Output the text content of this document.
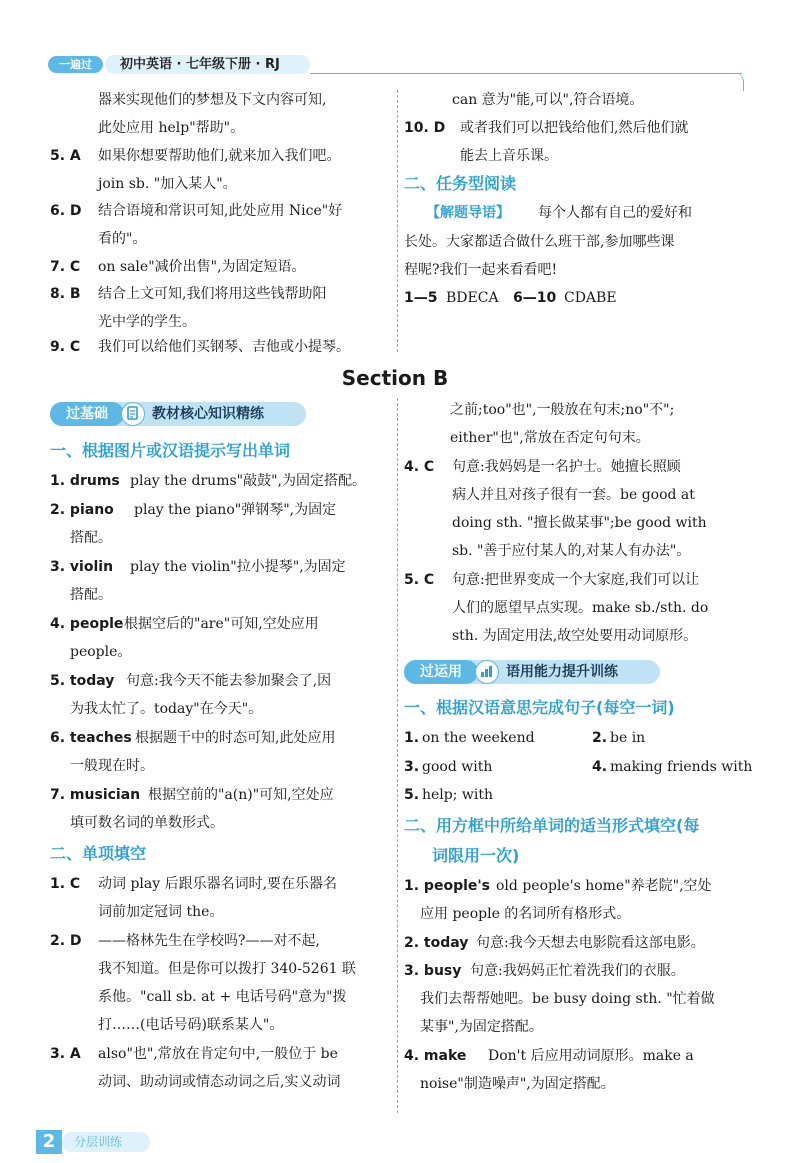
一遍过	初中英语 · 七年级下册 · RJ
器来实现他们的梦想及下文内容可知,
此处应用 help"帮助"。
5. A 如果你想要帮助他们,就来加入我们吧。
join sb. "加入某人"。
6. D 结合语境和常识可知,此处应用 Nice"好
看的"。
7. C on sale"减价出售",为固定短语。
8. B 结合上文可知,我们将用这些钱帮助阳
光中学的学生。
9. C 我们可以给他们买钢琴、吉他或小提琴。
can 意为"能,可以",符合语境。
10. D 或者我们可以把钱给他们,然后他们就
能去上音乐课。
二、任务型阅读
【解题导语】 每个人都有自己的爱好和
长处。大家都适合做什么班干部,参加哪些课
程呢?我们一起来看看吧!
1—5 BDECA 6—10 CDABE
Section B
过基础	教材核心知识精练
一、根据图片或汉语提示写出单词
1. drums play the drums"敲鼓",为固定搭配。
2. piano play the piano"弹钢琴",为固定
搭配。
3. violin play the violin"拉小提琴",为固定
搭配。
4. people 根据空后的"are"可知,空处应用
people。
5. today 句意:我今天不能去参加聚会了,因
为我太忙了。today"在今天"。
6. teaches 根据题干中的时态可知,此处应用
一般现在时。
7. musician 根据空前的"a(n)"可知,空处应
填可数名词的单数形式。
二、单项填空
1. C 动词 play 后跟乐器名词时,要在乐器名
词前加定冠词 the。
2. D ——格林先生在学校吗?——对不起,
我不知道。但是你可以拨打 340-5261 联
系他。"call sb. at + 电话号码"意为"拨
打……(电话号码)联系某人"。
3. A also"也",常放在肯定句中,一般位于 be
动词、助动词或情态动词之后,实义动词
之前;too"也",一般放在句末;no"不";
either"也",常放在否定句句末。
4. C 句意:我妈妈是一名护士。她擅长照顾
病人并且对孩子很有一套。be good at
doing sth. "擅长做某事";be good with
sb. "善于应付某人的,对某人有办法"。
5. C 句意:把世界变成一个大家庭,我们可以让
人们的愿望早点实现。make sb./sth. do
sth. 为固定用法,故空处要用动词原形。
过运用	语用能力提升训练
一、根据汉语意思完成句子(每空一词)
1. on the weekend	2. be in
3. good with	4. making friends with
5. help; with
二、用方框中所给单词的适当形式填空(每
词限用一次)
1. people's old people's home"养老院",空处
应用 people 的名词所有格形式。
2. today 句意:我今天想去电影院看这部电影。
3. busy 句意:我妈妈正忙着洗我们的衣服。
我们去帮帮她吧。be busy doing sth. "忙着做
某事",为固定搭配。
4. make Don't 后应用动词原形。make a
noise"制造噪声",为固定搭配。
2	分层训练
